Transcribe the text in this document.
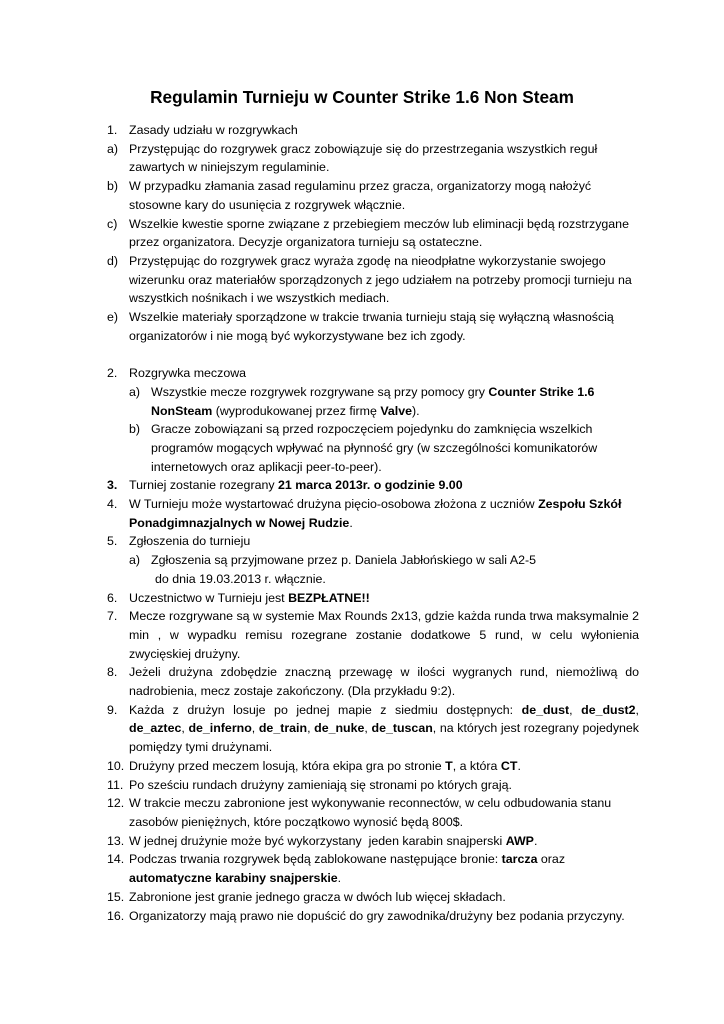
Regulamin Turnieju w Counter Strike 1.6 Non Steam
1. Zasady udziału w rozgrywkach
a) Przystępując do rozgrywek gracz zobowiązuje się do przestrzegania wszystkich reguł zawartych w niniejszym regulaminie.
b) W przypadku złamania zasad regulaminu przez gracza, organizatorzy mogą nałożyć stosowne kary do usunięcia z rozgrywek włącznie.
c) Wszelkie kwestie sporne związane z przebiegiem meczów lub eliminacji będą rozstrzygane przez organizatora. Decyzje organizatora turnieju są ostateczne.
d) Przystępując do rozgrywek gracz wyraża zgodę na nieodpłatne wykorzystanie swojego wizerunku oraz materiałów sporządzonych z jego udziałem na potrzeby promocji turnieju na wszystkich nośnikach i we wszystkich mediach.
e) Wszelkie materiały sporządzone w trakcie trwania turnieju stają się wyłączną własnością organizatorów i nie mogą być wykorzystywane bez ich zgody.
2. Rozgrywka meczowa
a) Wszystkie mecze rozgrywek rozgrywane są przy pomocy gry Counter Strike 1.6 NonSteam (wyprodukowanej przez firmę Valve).
b) Gracze zobowiązani są przed rozpoczęciem pojedynku do zamknięcia wszelkich programów mogących wpływać na płynność gry (w szczególności komunikatorów internetowych oraz aplikacji peer-to-peer).
3. Turniej zostanie rozegrany 21 marca 2013r. o godzinie 9.00
4. W Turnieju może wystartować drużyna pięcio-osobowa złożona z uczniów Zespołu Szkół Ponadgimnazjalnych w Nowej Rudzie.
5. Zgłoszenia do turnieju
a) Zgłoszenia są przyjmowane przez p. Daniela Jabłońskiego w sali A2-5
do dnia 19.03.2013 r. włącznie.
6. Uczestnictwo w Turnieju jest BEZPŁATNE!!
7. Mecze rozgrywane są w systemie Max Rounds 2x13, gdzie każda runda trwa maksymalnie 2 min , w wypadku remisu rozegrane zostanie dodatkowe 5 rund, w celu wyłonienia zwycięskiej drużyny.
8. Jeżeli drużyna zdobędzie znaczną przewagę w ilości wygranych rund, niemożliwą do nadrobienia, mecz zostaje zakończony. (Dla przykładu 9:2).
9. Każda z drużyn losuje po jednej mapie z siedmiu dostępnych: de_dust, de_dust2, de_aztec, de_inferno, de_train, de_nuke, de_tuscan, na których jest rozegrany pojedynek pomiędzy tymi drużynami.
10. Drużyny przed meczem losują, która ekipa gra po stronie T, a która CT.
11. Po sześciu rundach drużyny zamieniają się stronami po których grają.
12. W trakcie meczu zabronione jest wykonywanie reconnectów, w celu odbudowania stanu zasobów pieniężnych, które początkowo wynosić będą 800$.
13. W jednej drużynie może być wykorzystany  jeden karabin snajperski AWP.
14. Podczas trwania rozgrywek będą zablokowane następujące bronie: tarcza oraz automatyczne karabiny snajperskie.
15. Zabronione jest granie jednego gracza w dwóch lub więcej składach.
16. Organizatorzy mają prawo nie dopuścić do gry zawodnika/drużyny bez podania przyczyny.
